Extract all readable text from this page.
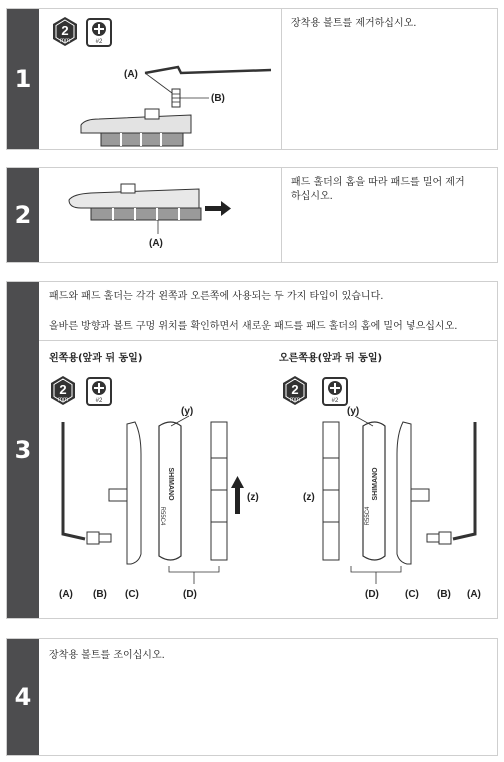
1
2
mm	#2
(A)
(B)
장착용 볼트를 제거하십시오.
2
(A)
패드 홀더의 홈을 따라 패드를 밀어 제거하십시오.
3
패드와 패드 홀더는 각각 왼쪽과 오른쪽에 사용되는 두 가지 타입이 있습니다.
올바른 방향과 볼트 구멍 위치를 확인하면서 새로운 패드를 패드 홀더의 홈에 밀어 넣으십시오.
왼쪽용(앞과 뒤 동일)	오른쪽용(앞과 뒤 동일)
2
mm	#2
2
mm	#2
SHIMANO
R55C4
(z)
(y)
(A) (B) (C)	(D)
(z)	SHIMANO
R55C4
(y)
(D)	(C) (B) (A)
4
장착용 볼트를 조이십시오.
